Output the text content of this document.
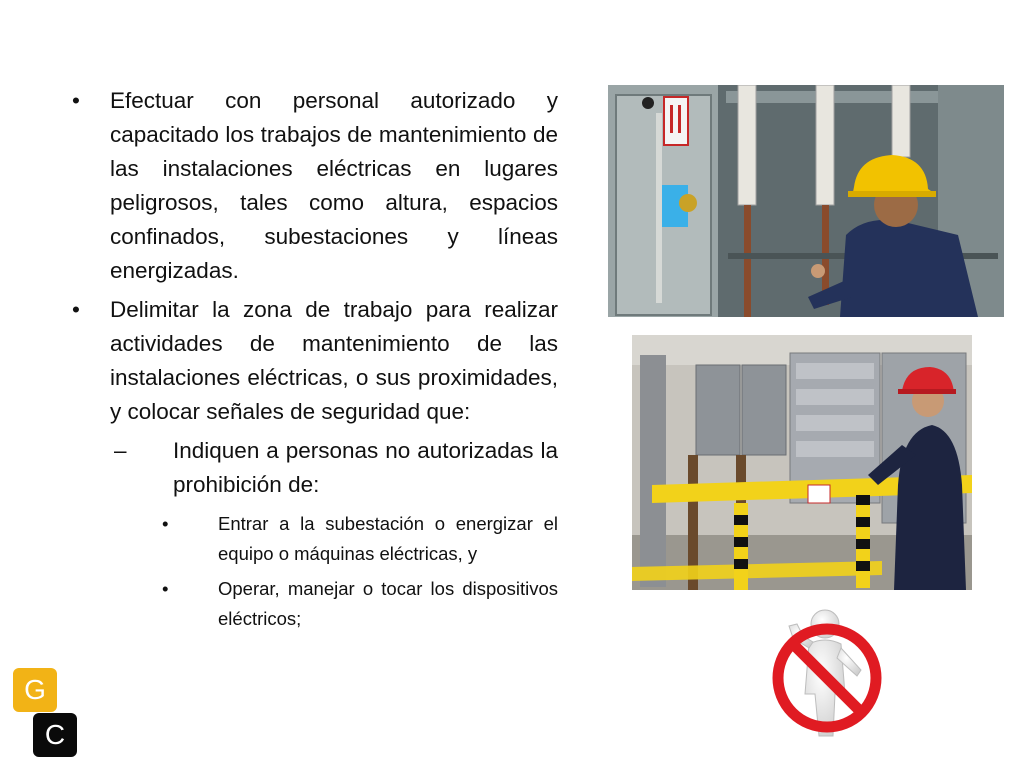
• Efectuar con personal autorizado y capacitado los trabajos de mantenimiento de las instalaciones eléctricas en lugares peligrosos, tales como altura, espacios confinados, subestaciones y líneas energizadas.
• Delimitar la zona de trabajo para realizar actividades de mantenimiento de las instalaciones eléctricas, o sus proximidades, y colocar señales de seguridad que:
– Indiquen a personas no autorizadas la prohibición de:
•	Entrar a la subestación o energizar el equipo o máquinas eléctricas, y
•	Operar, manejar o tocar los dispositivos eléctricos;
G
C
